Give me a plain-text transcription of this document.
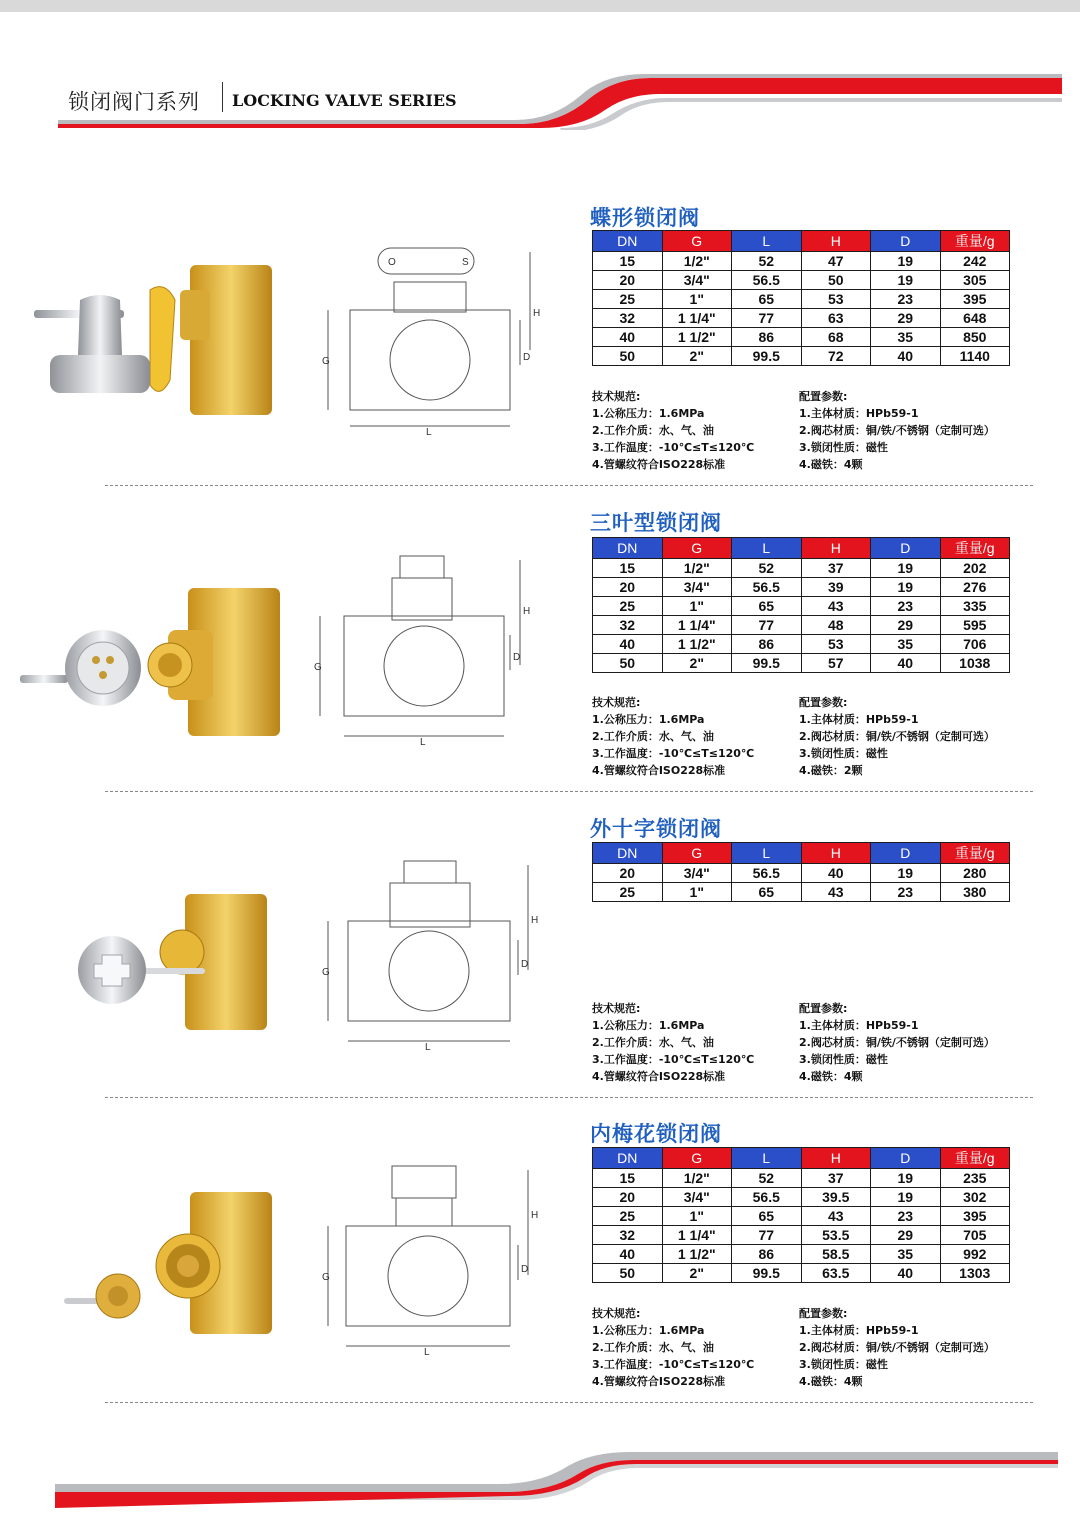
锁闭阀门系列 LOCKING VALVE SERIES
蝶形锁闭阀
DN	G	L	H	D	重量/g
15	1/2"	52	47	19	242
20	3/4"	56.5	50	19	305
25	1"	65	53	23	395
32	1 1/4"	77	63	29	648
40	1 1/2"	86	68	35	850
50	2"	99.5	72	40	1140
技术规范:
1.公称压力：1.6MPa
2.工作介质：水、气、油
3.工作温度：-10℃≤T≤120℃
4.管螺纹符合ISO228标准
配置参数:
1.主体材质：HPb59-1
2.阀芯材质：铜/铁/不锈钢（定制可选）
3.锁闭性质：磁性
4.磁铁：4颗
O	S
G
L
H
D
三叶型锁闭阀
DN	G	L	H	D	重量/g
15	1/2"	52	37	19	202
20	3/4"	56.5	39	19	276
25	1"	65	43	23	335
32	1 1/4"	77	48	29	595
40	1 1/2"	86	53	35	706
50	2"	99.5	57	40	1038
技术规范:
1.公称压力：1.6MPa
2.工作介质：水、气、油
3.工作温度：-10℃≤T≤120℃
4.管螺纹符合ISO228标准
配置参数:
1.主体材质：HPb59-1
2.阀芯材质：铜/铁/不锈钢（定制可选）
3.锁闭性质：磁性
4.磁铁：2颗
G
L
H
D
外十字锁闭阀
DN	G	L	H	D	重量/g
20	3/4"	56.5	40	19	280
25	1"	65	43	23	380
技术规范:
1.公称压力：1.6MPa
2.工作介质：水、气、油
3.工作温度：-10℃≤T≤120℃
4.管螺纹符合ISO228标准
配置参数:
1.主体材质：HPb59-1
2.阀芯材质：铜/铁/不锈钢（定制可选）
3.锁闭性质：磁性
4.磁铁：4颗
G
L
H
D
内梅花锁闭阀
DN	G	L	H	D	重量/g
15	1/2"	52	37	19	235
20	3/4"	56.5	39.5	19	302
25	1"	65	43	23	395
32	1 1/4"	77	53.5	29	705
40	1 1/2"	86	58.5	35	992
50	2"	99.5	63.5	40	1303
技术规范:
1.公称压力：1.6MPa
2.工作介质：水、气、油
3.工作温度：-10℃≤T≤120℃
4.管螺纹符合ISO228标准
配置参数:
1.主体材质：HPb59-1
2.阀芯材质：铜/铁/不锈钢（定制可选）
3.锁闭性质：磁性
4.磁铁：4颗
G
L
H
D
